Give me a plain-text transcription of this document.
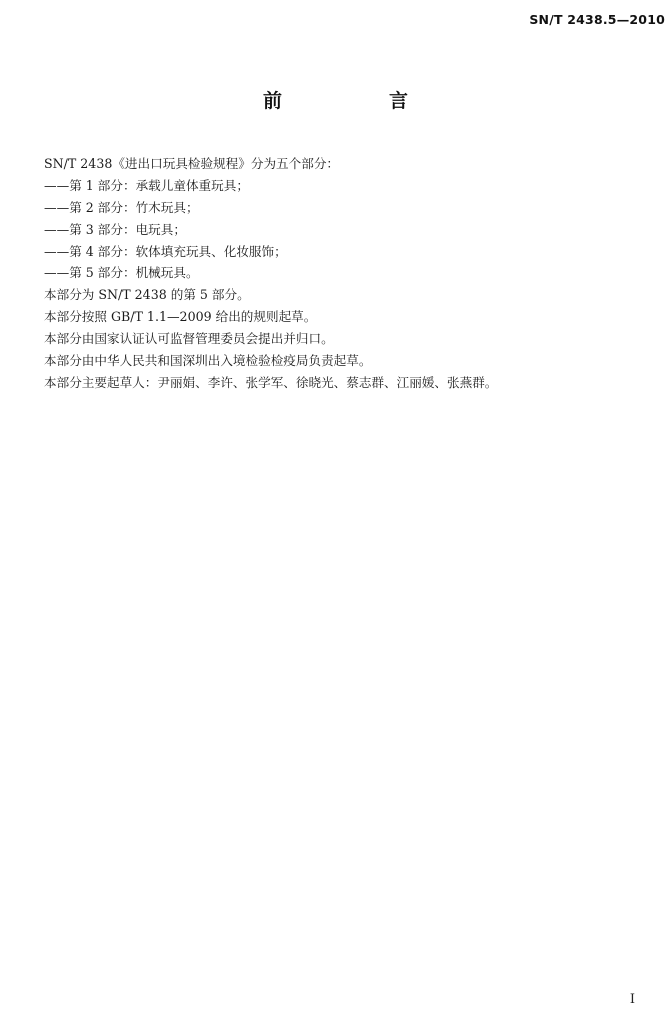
SN/T 2438.5—2010
前　言
SN/T 2438《进出口玩具检验规程》分为五个部分：
——第 1 部分：承载儿童体重玩具；
——第 2 部分：竹木玩具；
——第 3 部分：电玩具；
——第 4 部分：软体填充玩具、化妆服饰；
——第 5 部分：机械玩具。
本部分为 SN/T 2438 的第 5 部分。
本部分按照 GB/T 1.1—2009 给出的规则起草。
本部分由国家认证认可监督管理委员会提出并归口。
本部分由中华人民共和国深圳出入境检验检疫局负责起草。
本部分主要起草人：尹丽娟、李许、张学军、徐晓光、蔡志群、江丽媛、张燕群。
I
